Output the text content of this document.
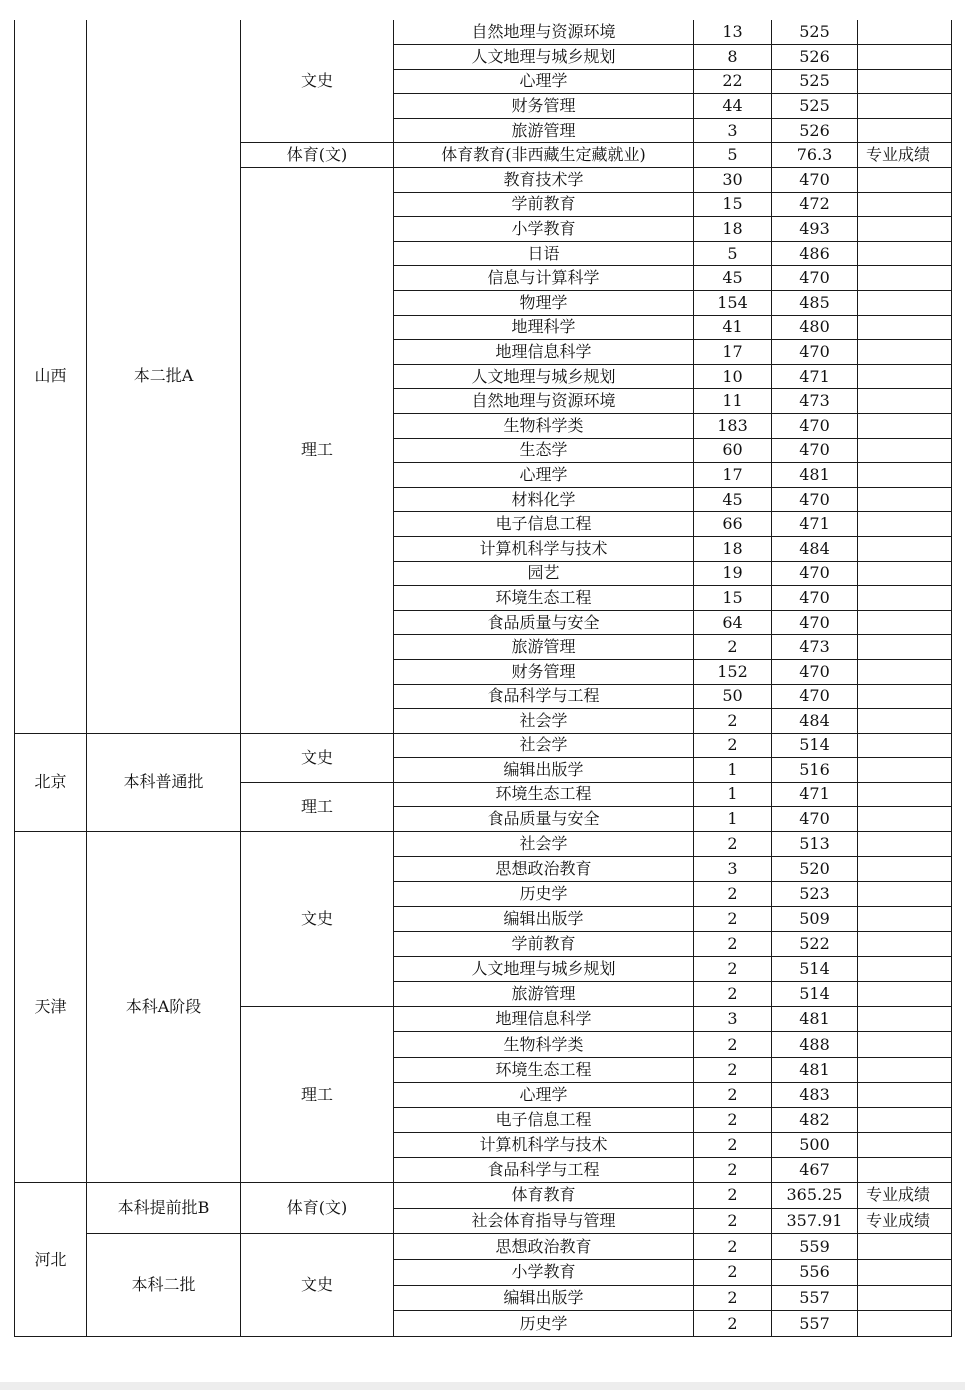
山西	本二批A	文史	自然地理与资源环境	13	525	
			人文地理与城乡规划	8	526	
			心理学	22	525	
			财务管理	44	525	
			旅游管理	3	526	
		体育(文)	体育教育(非西藏生定藏就业)	5	76.3	专业成绩
		理工	教育技术学	30	470	
			学前教育	15	472	
			小学教育	18	493	
			日语	5	486	
			信息与计算科学	45	470	
			物理学	154	485	
			地理科学	41	480	
			地理信息科学	17	470	
			人文地理与城乡规划	10	471	
			自然地理与资源环境	11	473	
			生物科学类	183	470	
			生态学	60	470	
			心理学	17	481	
			材料化学	45	470	
			电子信息工程	66	471	
			计算机科学与技术	18	484	
			园艺	19	470	
			环境生态工程	15	470	
			食品质量与安全	64	470	
			旅游管理	2	473	
			财务管理	152	470	
			食品科学与工程	50	470	
			社会学	2	484	
北京	本科普通批	文史	社会学	2	514	
			编辑出版学	1	516	
		理工	环境生态工程	1	471	
			食品质量与安全	1	470	
天津	本科A阶段	文史	社会学	2	513	
			思想政治教育	3	520	
			历史学	2	523	
			编辑出版学	2	509	
			学前教育	2	522	
			人文地理与城乡规划	2	514	
			旅游管理	2	514	
		理工	地理信息科学	3	481	
			生物科学类	2	488	
			环境生态工程	2	481	
			心理学	2	483	
			电子信息工程	2	482	
			计算机科学与技术	2	500	
			食品科学与工程	2	467	
河北	本科提前批B	体育(文)	体育教育	2	365.25	专业成绩
			社会体育指导与管理	2	357.91	专业成绩
	本科二批	文史	思想政治教育	2	559	
			小学教育	2	556	
			编辑出版学	2	557	
			历史学	2	557	
